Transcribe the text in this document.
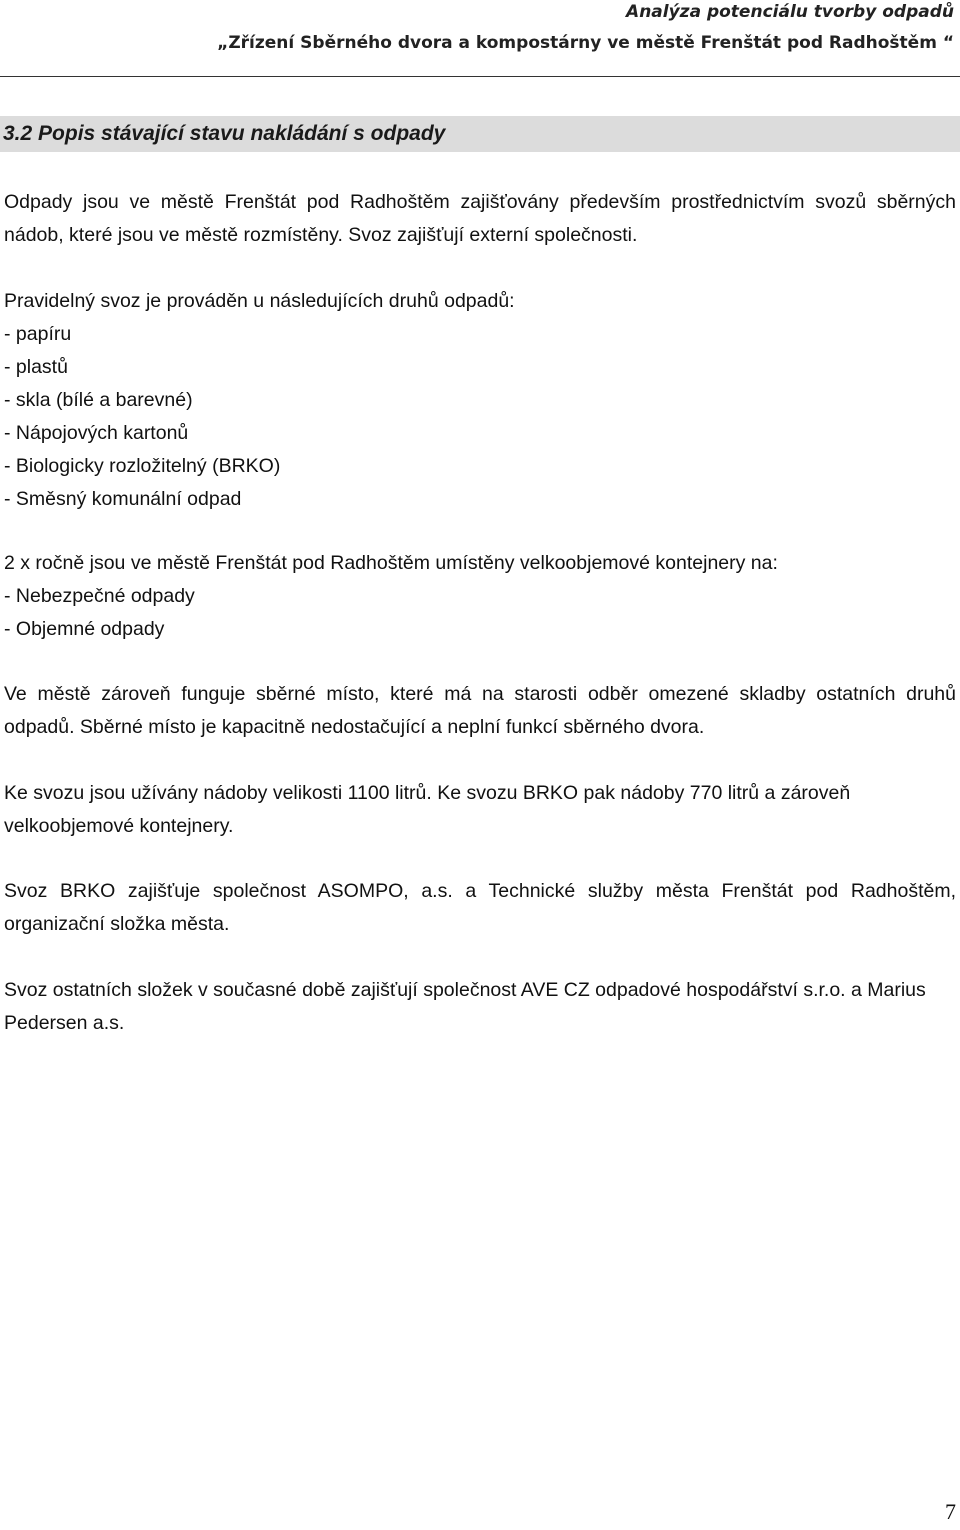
Analýza potenciálu tvorby odpadů
„Zřízení Sběrného dvora a kompostárny ve městě Frenštát pod Radhoštěm “
3.2 Popis stávající stavu nakládání s odpady

Odpady jsou ve městě Frenštát pod Radhoštěm zajišťovány především prostřednictvím svozů sběrných nádob, které jsou ve městě rozmístěny. Svoz zajišťují externí společnosti.

Pravidelný svoz je prováděn u následujících druhů odpadů:

- papíru
- plastů
- skla (bílé a barevné)
- Nápojových kartonů
- Biologicky rozložitelný (BRKO)
- Směsný komunální odpad

2 x ročně jsou ve městě Frenštát pod Radhoštěm umístěny velkoobjemové kontejnery na:

- Nebezpečné odpady
- Objemné odpady

Ve městě zároveň funguje sběrné místo, které má na starosti odběr omezené skladby ostatních druhů odpadů. Sběrné místo je kapacitně nedostačující a neplní funkcí sběrného dvora.

Ke svozu jsou užívány nádoby velikosti 1100 litrů. Ke svozu BRKO pak nádoby 770 litrů a zároveň velkoobjemové kontejnery.

Svoz BRKO zajišťuje společnost ASOMPO, a.s. a Technické služby města Frenštát pod Radhoštěm, organizační složka města.

Svoz ostatních složek v současné době zajišťují společnost AVE CZ odpadové hospodářství s.r.o. a Marius Pedersen a.s.

7
